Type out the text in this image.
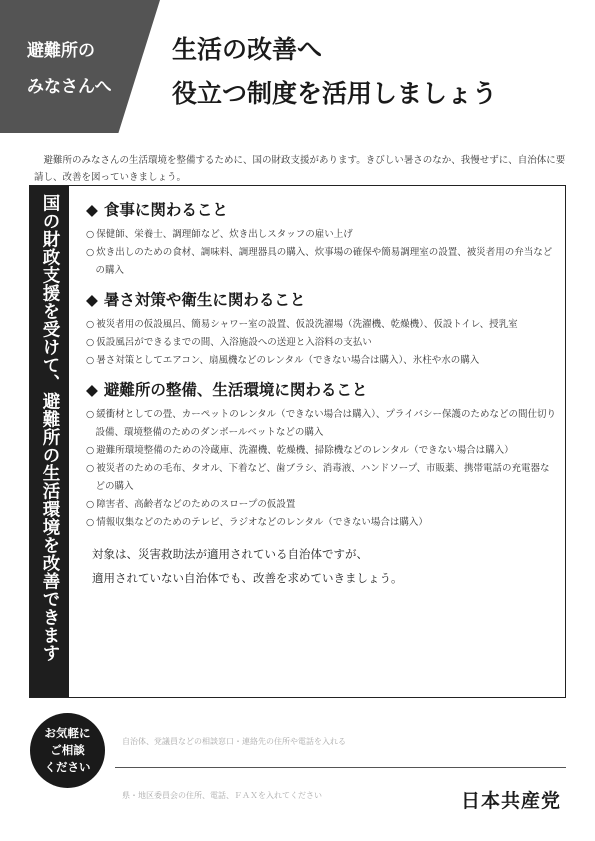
避難所の
みなさんへ
生活の改善へ
役立つ制度を活用しましょう

避難所のみなさんの生活環境を整備するために、国の財政支援があります。きびしい暑さのなか、我慢せずに、自治体に要請し、改善を図っていきましょう。

国の財政支援を受けて、避難所の生活環境を改善できます	◆ 食事に関わること

○ 保健師、栄養士、調理師など、炊き出しスタッフの雇い上げ

○ 炊き出しのための食材、調味料、調理器具の購入、炊事場の確保や簡易調理室の設置、被災者用の弁当などの購入

◆ 暑さ対策や衛生に関わること

○ 被災者用の仮設風呂、簡易シャワー室の設置、仮設洗濯場（洗濯機、乾燥機）、仮設トイレ、授乳室

○ 仮設風呂ができるまでの間、入浴施設への送迎と入浴料の支払い

○ 暑さ対策としてエアコン、扇風機などのレンタル（できない場合は購入）、氷柱や水の購入

◆ 避難所の整備、生活環境に関わること

○ 緩衝材としての畳、カーペットのレンタル（できない場合は購入）、プライバシー保護のためなどの間仕切り設備、環境整備のためのダンボールベットなどの購入

○ 避難所環境整備のための冷蔵庫、洗濯機、乾燥機、掃除機などのレンタル（できない場合は購入）

○ 被災者のための毛布、タオル、下着など、歯ブラシ、消毒液、ハンドソープ、市販薬、携帯電話の充電器などの購入

○ 障害者、高齢者などのためのスロープの仮設置

○ 情報収集などのためのテレビ、ラジオなどのレンタル（できない場合は購入）

対象は、災害救助法が適用されている自治体ですが、
適用されていない自治体でも、改善を求めていきましょう。
お気軽に
ご相談
ください
自治体、党議員などの相談窓口・連絡先の住所や電話を入れる
県・地区委員会の住所、電話、ＦＡＸを入れてください	日本共産党
